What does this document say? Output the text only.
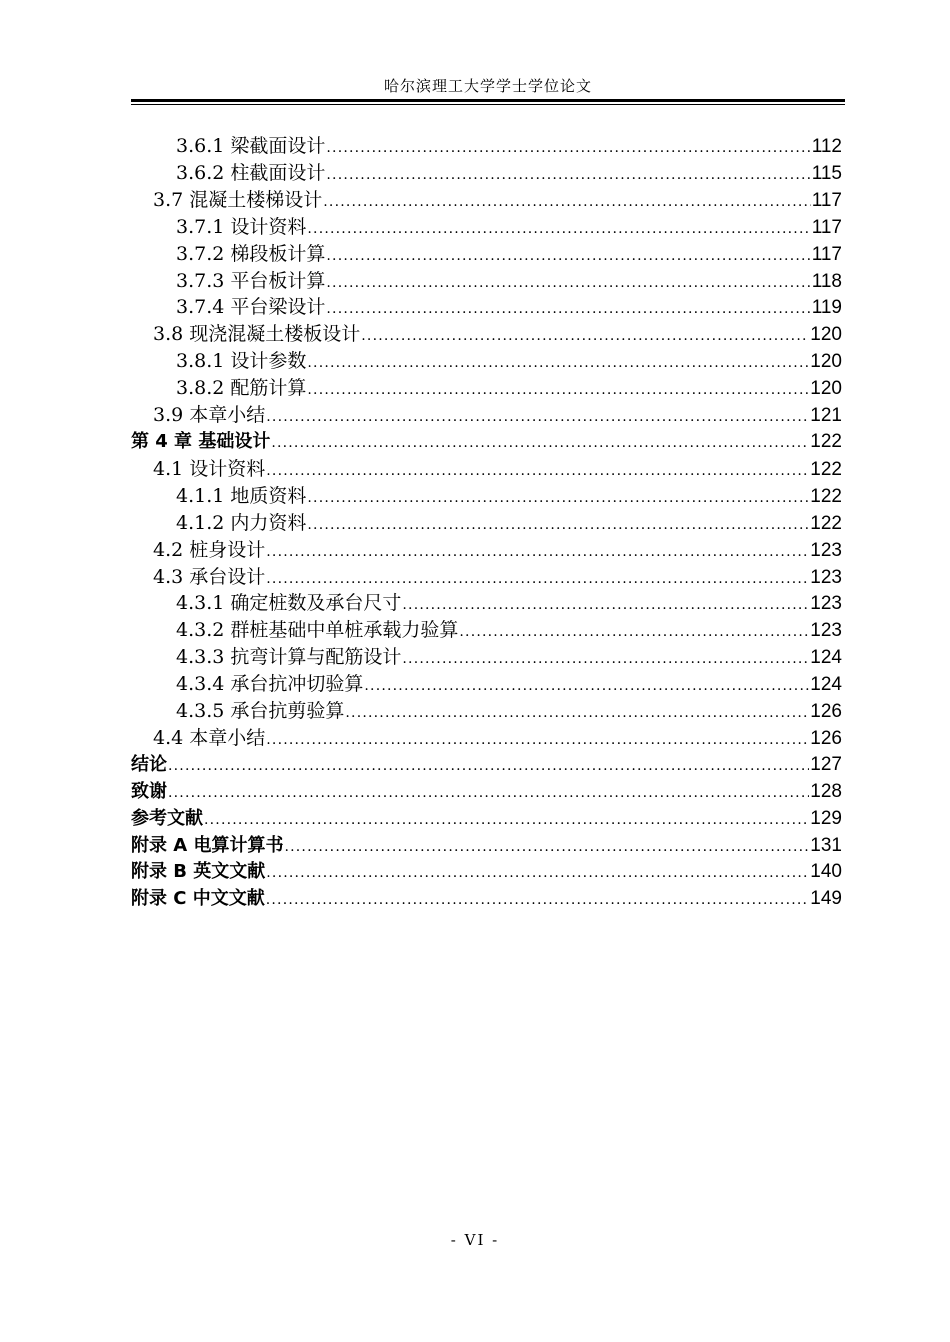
哈尔滨理工大学学士学位论文
3.6.1 梁截面设计 .....	112
3.6.2 柱截面设计 .....	115
3.7 混凝土楼梯设计 .....	117
3.7.1 设计资料 .....	117
3.7.2 梯段板计算 .....	117
3.7.3 平台板计算 .....	118
3.7.4 平台梁设计 .....	119
3.8 现浇混凝土楼板设计 .....	120
3.8.1 设计参数 .....	120
3.8.2 配筋计算 .....	120
3.9 本章小结 .....	121
第 4 章 基础设计 .....	122
4.1 设计资料 .....	122
4.1.1 地质资料 .....	122
4.1.2 内力资料 .....	122
4.2 桩身设计 .....	123
4.3 承台设计 .....	123
4.3.1 确定桩数及承台尺寸 .....	123
4.3.2 群桩基础中单桩承载力验算 .....	123
4.3.3 抗弯计算与配筋设计 .....	124
4.3.4 承台抗冲切验算 .....	124
4.3.5 承台抗剪验算 .....	126
4.4 本章小结 .....	126
结论 .....	127
致谢 .....	128
参考文献 .....	129
附录 A 电算计算书 .....	131
附录 B 英文文献 .....	140
附录 C 中文文献 .....	149
- VI -
